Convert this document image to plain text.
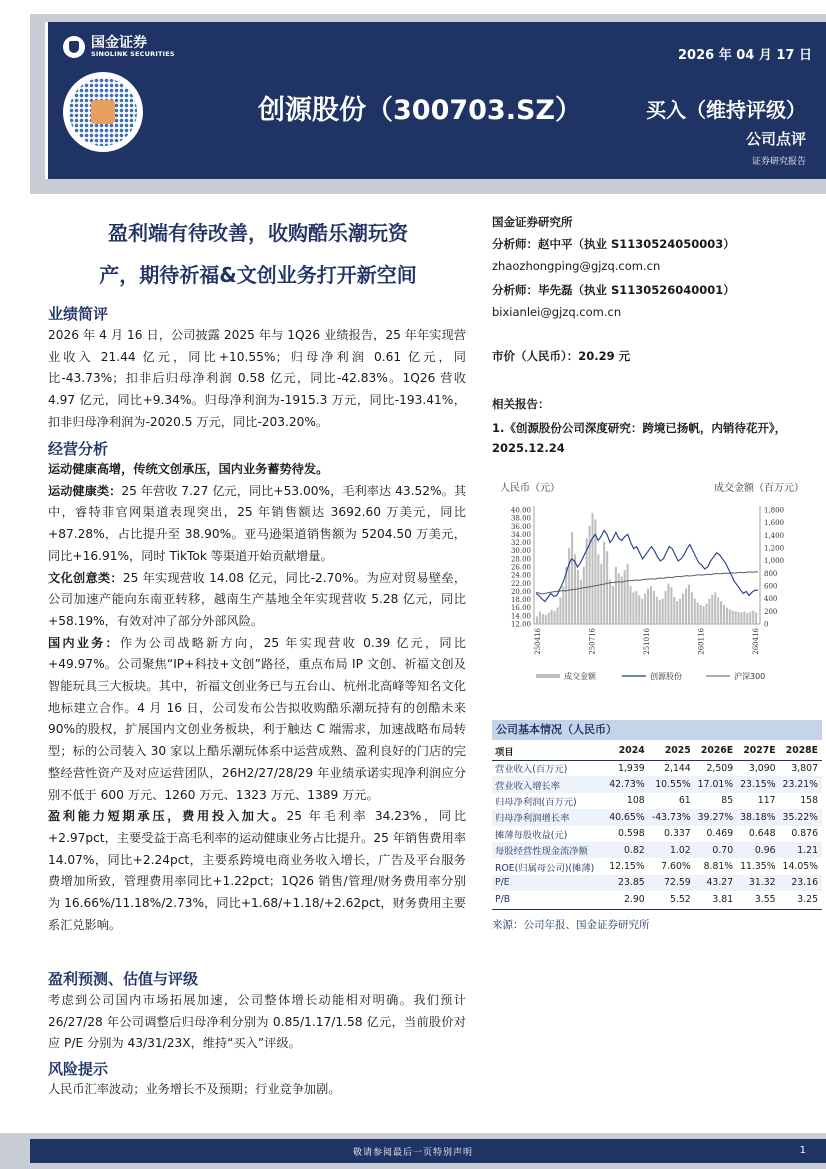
国金证券
SINOLINK SECURITIES	2026 年 04 月 17 日
创源股份（300703.SZ）	买入（维持评级）
公司点评
证券研究报告
盈利端有待改善，收购酷乐潮玩资
产，期待祈福&文创业务打开新空间
业绩简评
2026 年 4 月 16 日，公司披露 2025 年与 1Q26 业绩报告，25 年年实现营业收入 21.44 亿元，同比+10.55%；归母净利润 0.61 亿元，同比-43.73%；扣非后归母净利润 0.58 亿元，同比-42.83%。1Q26 营收 4.97 亿元，同比+9.34%。归母净利润为-1915.3 万元，同比-193.41%，扣非归母净利润为-2020.5 万元，同比-203.20%。
经营分析
运动健康高增，传统文创承压，国内业务蓄势待发。
运动健康类：25 年营收 7.27 亿元，同比+53.00%，毛利率达 43.52%。其中，睿特菲官网渠道表现突出，25 年销售额达 3692.60 万美元，同比+87.28%，占比提升至 38.90%。亚马逊渠道销售额为 5204.50 万美元，同比+16.91%，同时 TikTok 等渠道开始贡献增量。
文化创意类：25 年实现营收 14.08 亿元，同比-2.70%。为应对贸易壁垒，公司加速产能向东南亚转移，越南生产基地全年实现营收 5.28 亿元，同比+58.19%，有效对冲了部分外部风险。
国内业务：作为公司战略新方向，25 年实现营收 0.39 亿元，同比+49.97%。公司聚焦“IP+科技+文创”路径，重点布局 IP 文创、祈福文创及智能玩具三大板块。其中，祈福文创业务已与五台山、杭州北高峰等知名文化地标建立合作。4 月 16 日，公司发布公告拟收购酷乐潮玩持有的创酷未来 90%的股权，扩展国内文创业务板块，利于触达 C 端需求，加速战略布局转型；标的公司装入 30 家以上酷乐潮玩体系中运营成熟、盈利良好的门店的完整经营性资产及对应运营团队，26H2/27/28/29 年业绩承诺实现净利润应分别不低于 600 万元、1260 万元、1323 万元、1389 万元。
盈利能力短期承压，费用投入加大。25 年毛利率 34.23%，同比+2.97pct，主要受益于高毛利率的运动健康业务占比提升。25 年销售费用率 14.07%，同比+2.24pct，主要系跨境电商业务收入增长，广告及平台服务费增加所致，管理费用率同比+1.22pct；1Q26 销售/管理/财务费用率分别为 16.66%/11.18%/2.73%，同比+1.68/+1.18/+2.62pct，财务费用主要系汇兑影响。
盈利预测、估值与评级
考虑到公司国内市场拓展加速，公司整体增长动能相对明确。我们预计 26/27/28 年公司调整后归母净利分别为 0.85/1.17/1.58 亿元，当前股价对应 P/E 分别为 43/31/23X，维持“买入”评级。
风险提示
人民币汇率波动；业务增长不及预期；行业竞争加剧。
国金证券研究所
分析师：赵中平（执业 S1130524050003）
zhaozhongping@gjzq.com.cn
分析师：毕先磊（执业 S1130526040001）
bixianlei@gjzq.com.cn
市价（人民币）：20.29 元
相关报告：
1.《创源股份公司深度研究：跨境已扬帆，内销待花开》，2025.12.24
人民币（元）	成交金额（百万元）
40.00
38.00
36.00
34.00
32.00
30.00
28.00
26.00
24.00
22.00
20.00
18.00
16.00
14.00
12.00
1,800
1,600
1,400
1,200
1,000
800
600
400
200
0
250416	250716	251016	260116	260416
成交金额	创源股份	沪深300
公司基本情况（人民币）
项目	2024	2025	2026E	2027E	2028E
营业收入(百万元)	1,939	2,144	2,509	3,090	3,807
营业收入增长率	42.73%	10.55%	17.01%	23.15%	23.21%
归母净利润(百万元)	108	61	85	117	158
归母净利润增长率	40.65%	-43.73%	39.27%	38.18%	35.22%
摊薄每股收益(元)	0.598	0.337	0.469	0.648	0.876
每股经营性现金流净额	0.82	1.02	0.70	0.96	1.21
ROE(归属母公司)(摊薄)	12.15%	7.60%	8.81%	11.35%	14.05%
P/E	23.85	72.59	43.27	31.32	23.16
P/B	2.90	5.52	3.81	3.55	3.25
来源：公司年报、国金证券研究所
敬请参阅最后一页特别声明	1
